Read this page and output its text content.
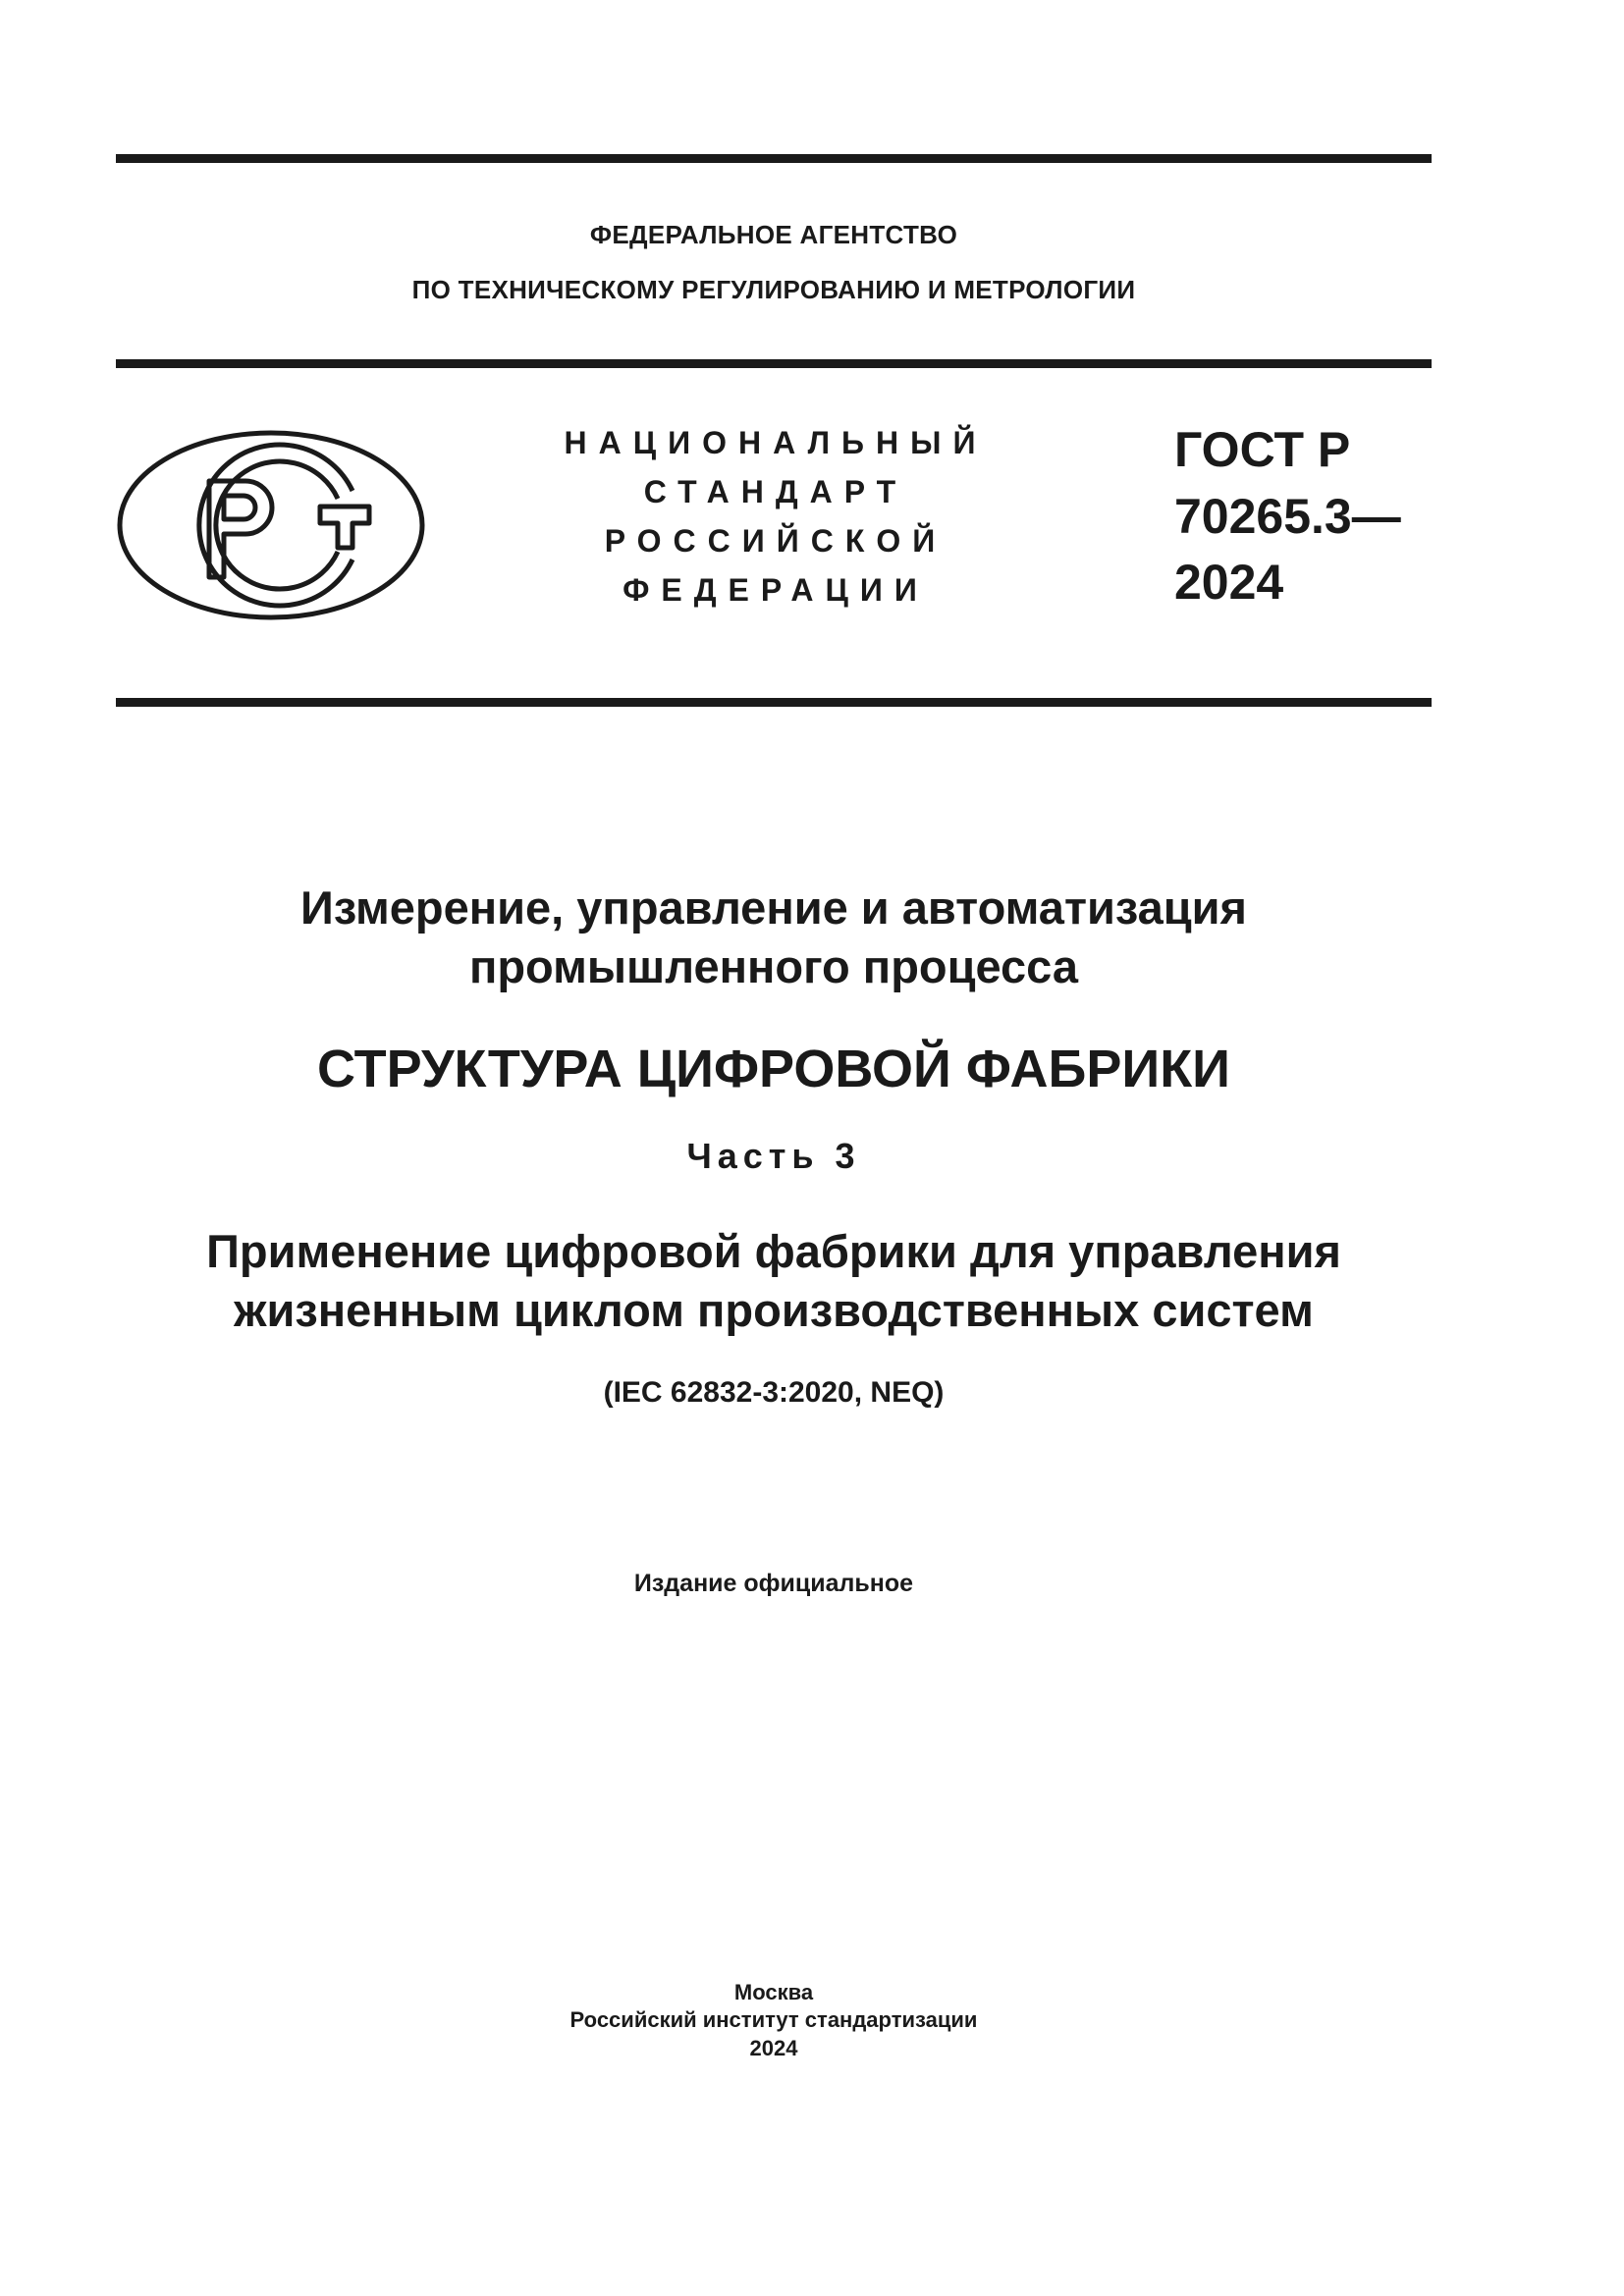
ФЕДЕРАЛЬНОЕ АГЕНТСТВО
ПО ТЕХНИЧЕСКОМУ РЕГУЛИРОВАНИЮ И МЕТРОЛОГИИ
НАЦИОНАЛЬНЫЙ
СТАНДАРТ
РОССИЙСКОЙ
ФЕДЕРАЦИИ
ГОСТ Р
70265.3—
2024
Измерение, управление и автоматизация
промышленного процесса
СТРУКТУРА ЦИФРОВОЙ ФАБРИКИ
Часть 3
Применение цифровой фабрики для управления
жизненным циклом производственных систем
(IEC 62832-3:2020, NEQ)
Издание официальное
Москва
Российский институт стандартизации
2024
